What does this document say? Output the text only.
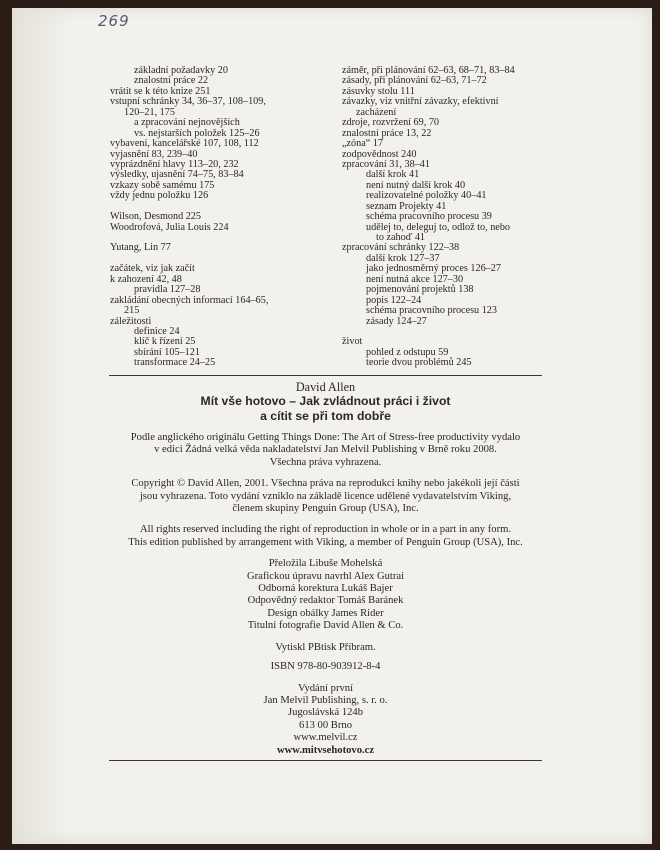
269
základní požadavky 20
znalostní práce 22
vrátit se k této knize 251
vstupní schránky 34, 36–37, 108–109,
120–21, 175
a zpracování nejnovějších
vs. nejstarších položek 125–26
vybavení, kancelářské 107, 108, 112
vyjasnění 83, 239–40
vyprázdnění hlavy 113–20, 232
výsledky, ujasnění 74–75, 83–84
vzkazy sobě samému 175
vždy jednu položku 126
Wilson, Desmond 225
Woodrofová, Julia Louis 224
Yutang, Lin 77
začátek, viz jak začít
k zahození 42, 48
pravidla 127–28
zakládání obecných informací 164–65,
215
záležitosti
definice 24
klíč k řízení 25
sbírání 105–121
transformace 24–25
záměr, při plánování 62–63, 68–71, 83–84
zásady, při plánování 62–63, 71–72
zásuvky stolu 111
závazky, viz vnitřní závazky, efektivní
zacházení
zdroje, rozvržení 69, 70
znalostní práce 13, 22
„zóna“ 17
zodpovědnost 240
zpracování 31, 38–41
další krok 41
není nutný další krok 40
realizovatelné položky 40–41
seznam Projekty 41
schéma pracovního procesu 39
udělej to, deleguj to, odlož to, nebo
to zahoď 41
zpracování schránky 122–38
další krok 127–37
jako jednosměrný proces 126–27
není nutná akce 127–30
pojmenování projektů 138
popis 122–24
schéma pracovního procesu 123
zásady 124–27
život
pohled z odstupu 59
teorie dvou problémů 245
David Allen
Mít vše hotovo – Jak zvládnout práci i život
a cítit se při tom dobře
Podle anglického originálu Getting Things Done: The Art of Stress-free productivity vydalo
v edici Žádná velká věda nakladatelství Jan Melvil Publishing v Brně roku 2008.
Všechna práva vyhrazena.
Copyright © David Allen, 2001. Všechna práva na reprodukci knihy nebo jakékoli její části
jsou vyhrazena. Toto vydání vzniklo na základě licence udělené vydavatelstvím Viking,
členem skupiny Penguin Group (USA), Inc.
All rights reserved including the right of reproduction in whole or in a part in any form.
This edition published by arrangement with Viking, a member of Penguin Group (USA), Inc.
Přeložila Libuše Mohelská
Grafickou úpravu navrhl Alex Gutrai
Odborná korektura Lukáš Bajer
Odpovědný redaktor Tomáš Baránek
Design obálky James Rider
Titulní fotografie David Allen & Co.
Vytiskl PBtisk Příbram.
ISBN 978-80-903912-8-4
Vydání první
Jan Melvil Publishing, s. r. o.
Jugoslávská 124b
613 00 Brno
www.melvil.cz
www.mitvsehotovo.cz
